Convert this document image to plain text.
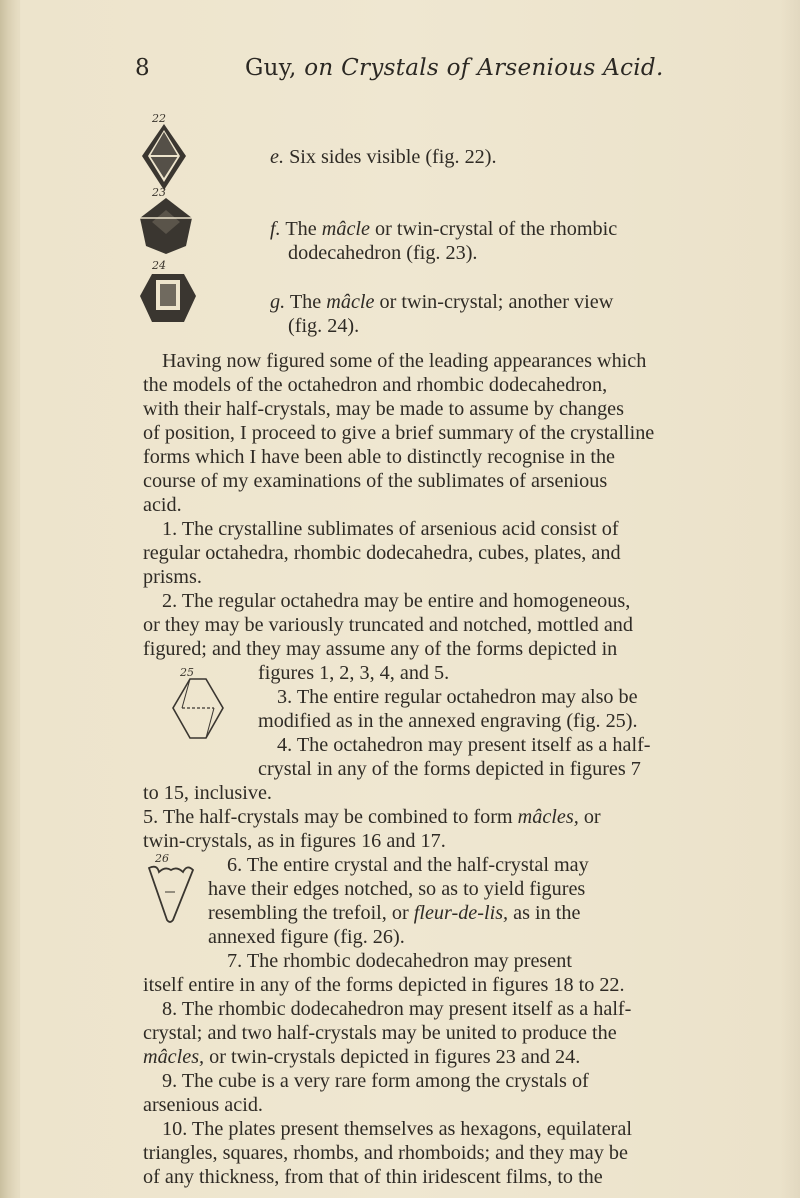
8	Guy, on Crystals of Arsenious Acid.
22
23
24
25
26
e. Six sides visible (fig. 22).
f. The mâcle or twin-crystal of the rhombic
dodecahedron (fig. 23).
g. The mâcle or twin-crystal; another view
(fig. 24).
Having now figured some of the leading appearances which
the models of the octahedron and rhombic dodecahedron,
with their half-crystals, may be made to assume by changes
of position, I proceed to give a brief summary of the crystalline
forms which I have been able to distinctly recognise in the
course of my examinations of the sublimates of arsenious
acid.
1. The crystalline sublimates of arsenious acid consist of
regular octahedra, rhombic dodecahedra, cubes, plates, and
prisms.
2. The regular octahedra may be entire and homogeneous,
or they may be variously truncated and notched, mottled and
figured; and they may assume any of the forms depicted in
figures 1, 2, 3, 4, and 5.
3. The entire regular octahedron may also be
modified as in the annexed engraving (fig. 25).
4. The octahedron may present itself as a half-
crystal in any of the forms depicted in figures 7
to 15, inclusive.
5. The half-crystals may be combined to form mâcles, or
twin-crystals, as in figures 16 and 17.
6. The entire crystal and the half-crystal may
have their edges notched, so as to yield figures
resembling the trefoil, or fleur-de-lis, as in the
annexed figure (fig. 26).
7. The rhombic dodecahedron may present
itself entire in any of the forms depicted in figures 18 to 22.
8. The rhombic dodecahedron may present itself as a half-
crystal; and two half-crystals may be united to produce the
mâcles, or twin-crystals depicted in figures 23 and 24.
9. The cube is a very rare form among the crystals of
arsenious acid.
10. The plates present themselves as hexagons, equilateral
triangles, squares, rhombs, and rhomboids; and they may be
of any thickness, from that of thin iridescent films, to the
